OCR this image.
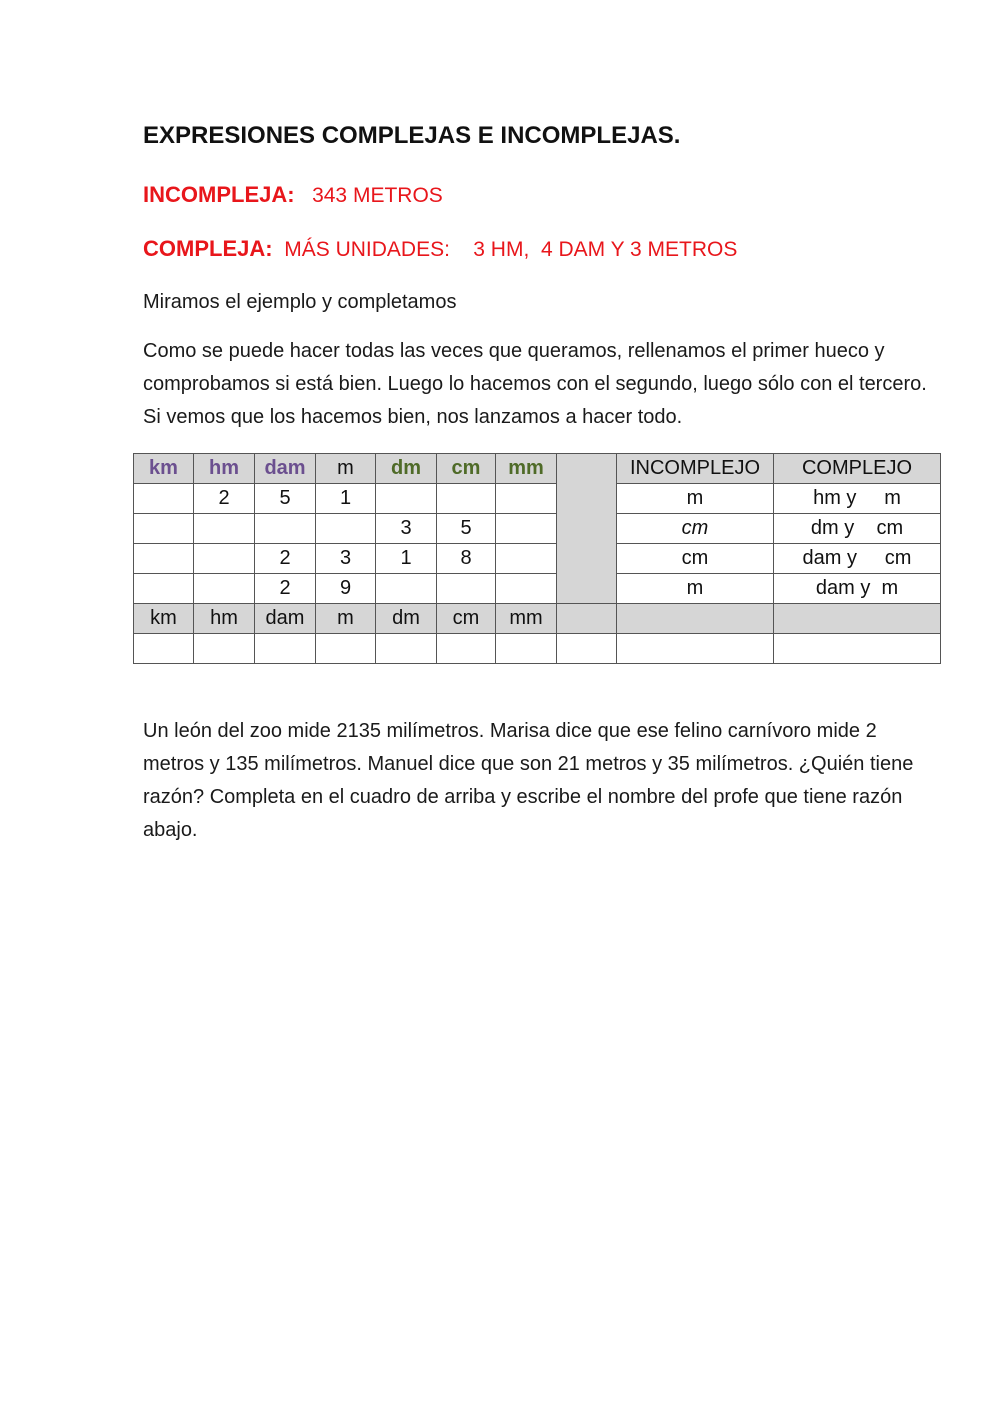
EXPRESIONES COMPLEJAS E INCOMPLEJAS.
INCOMPLEJA: 343 METROS
COMPLEJA: MÁS UNIDADES:    3 HM,  4 DAM Y 3 METROS
Miramos el ejemplo y completamos
Como se puede hacer todas las veces que queramos, rellenamos el primer hueco y comprobamos si está bien. Luego lo hacemos con el segundo, luego sólo con el tercero. Si vemos que los hacemos bien, nos lanzamos a hacer todo.
km	hm	dam	m	dm	cm	mm		INCOMPLEJO	COMPLEJO
	2	5	1					m	hm y     m
				3	5			cm	dm y    cm
		2	3	1	8			cm	dam y     cm
		2	9					m	dam y  m
km	hm	dam	m	dm	cm	mm			

Un león del zoo mide 2135 milímetros. Marisa dice que ese felino carnívoro mide 2 metros y 135 milímetros. Manuel dice que son 21 metros y 35 milímetros. ¿Quién tiene razón? Completa en el cuadro de arriba y escribe el nombre del profe que tiene razón abajo.
